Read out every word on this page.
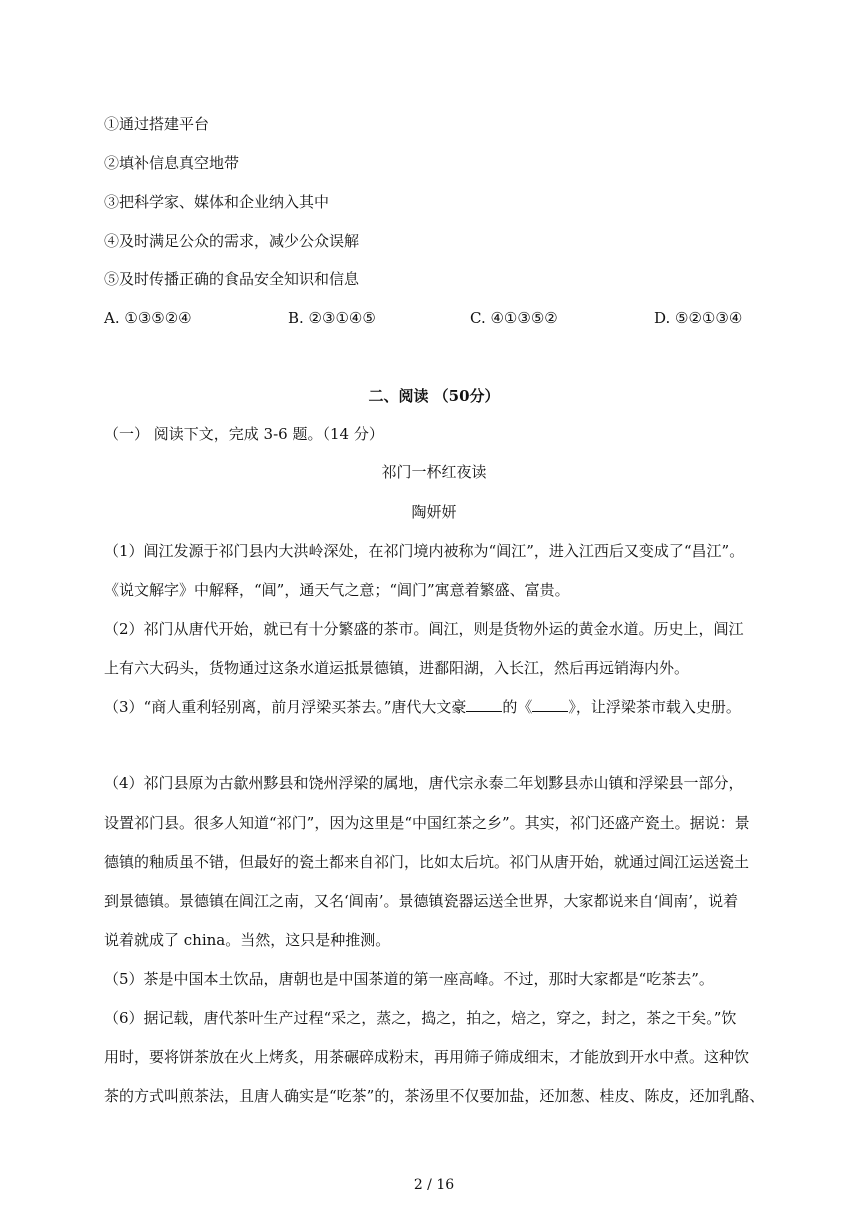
①通过搭建平台
②填补信息真空地带
③把科学家、媒体和企业纳入其中
④及时满足公众的需求，减少公众误解
⑤及时传播正确的食品安全知识和信息
A. ①③⑤②④	B. ②③①④⑤	C. ④①③⑤②	D. ⑤②①③④
二、阅读 （50分）
（一） 阅读下文，完成 3-6 题。（14 分）
祁门一杯红夜读
陶妍妍
（1）阊江发源于祁门县内大洪岭深处，在祁门境内被称为“阊江”，进入江西后又变成了“昌江”。
《说文解字》中解释，“阊”，通天气之意；“阊门”寓意着繁盛、富贵。
（2）祁门从唐代开始，就已有十分繁盛的茶市。阊江，则是货物外运的黄金水道。历史上，阊江
上有六大码头，货物通过这条水道运抵景德镇，进鄱阳湖，入长江，然后再远销海内外。
（3）“商人重利轻别离，前月浮梁买茶去。”唐代大文豪 的《 》，让浮梁茶市载入史册。
（4）祁门县原为古歙州黟县和饶州浮梁的属地，唐代宗永泰二年划黟县赤山镇和浮梁县一部分，
设置祁门县。很多人知道“祁门”，因为这里是“中国红茶之乡”。其实，祁门还盛产瓷土。据说：景
德镇的釉质虽不错，但最好的瓷土都来自祁门，比如太后坑。祁门从唐开始，就通过阊江运送瓷土
到景德镇。景德镇在阊江之南，又名‘阊南’。景德镇瓷器运送全世界，大家都说来自‘阊南’，说着
说着就成了 china。当然，这只是种推测。
（5）茶是中国本土饮品，唐朝也是中国茶道的第一座高峰。不过，那时大家都是“吃茶去”。
（6）据记载，唐代茶叶生产过程“采之，蒸之，捣之，拍之，焙之，穿之，封之，茶之干矣。”饮
用时，要将饼茶放在火上烤炙，用茶碾碎成粉末，再用筛子筛成细末，才能放到开水中煮。这种饮
茶的方式叫煎茶法，且唐人确实是“吃茶”的，茶汤里不仅要加盐，还加葱、桂皮、陈皮，还加乳酪、
2 / 16
